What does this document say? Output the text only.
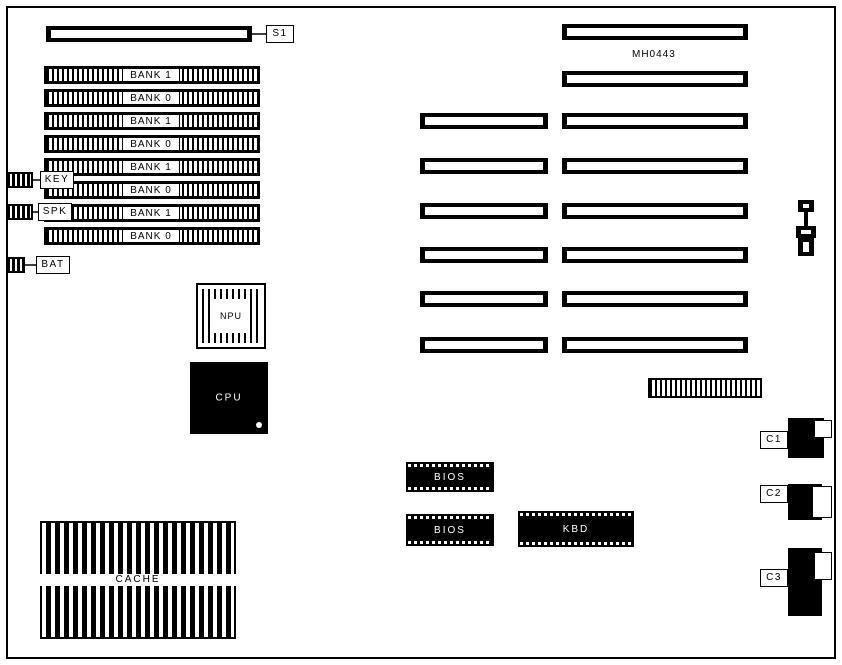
S1
BANK 1
BANK 0
BANK 1
BANK 0
BANK 1
BANK 0
BANK 1
BANK 0
KEY
SPK
BAT
NPU
CPU
BIOS
BIOS	KBD
CACHE
MH0443
C1
C2
C3
